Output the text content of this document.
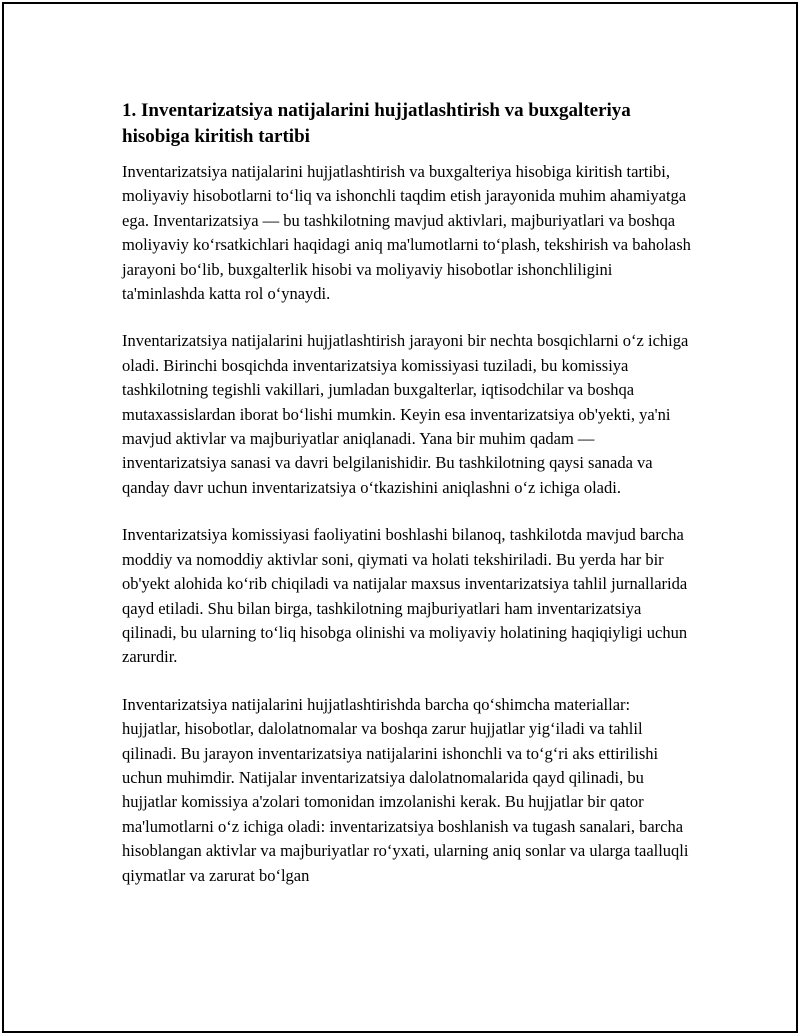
1. Inventarizatsiya natijalarini hujjatlashtirish va buxgalteriya hisobiga kiritish tartibi

Inventarizatsiya natijalarini hujjatlashtirish va buxgalteriya hisobiga kiritish tartibi, moliyaviy hisobotlarni to‘liq va ishonchli taqdim etish jarayonida muhim ahamiyatga ega. Inventarizatsiya — bu tashkilotning mavjud aktivlari, majburiyatlari va boshqa moliyaviy ko‘rsatkichlari haqidagi aniq ma'lumotlarni to‘plash, tekshirish va baholash jarayoni bo‘lib, buxgalterlik hisobi va moliyaviy hisobotlar ishonchliligini ta'minlashda katta rol o‘ynaydi.

Inventarizatsiya natijalarini hujjatlashtirish jarayoni bir nechta bosqichlarni o‘z ichiga oladi. Birinchi bosqichda inventarizatsiya komissiyasi tuziladi, bu komissiya tashkilotning tegishli vakillari, jumladan buxgalterlar, iqtisodchilar va boshqa mutaxassislardan iborat bo‘lishi mumkin. Keyin esa inventarizatsiya ob'yekti, ya'ni mavjud aktivlar va majburiyatlar aniqlanadi. Yana bir muhim qadam — inventarizatsiya sanasi va davri belgilanishidir. Bu tashkilotning qaysi sanada va qanday davr uchun inventarizatsiya o‘tkazishini aniqlashni o‘z ichiga oladi.

Inventarizatsiya komissiyasi faoliyatini boshlashi bilanoq, tashkilotda mavjud barcha moddiy va nomoddiy aktivlar soni, qiymati va holati tekshiriladi. Bu yerda har bir ob'yekt alohida ko‘rib chiqiladi va natijalar maxsus inventarizatsiya tahlil jurnallarida qayd etiladi. Shu bilan birga, tashkilotning majburiyatlari ham inventarizatsiya qilinadi, bu ularning to‘liq hisobga olinishi va moliyaviy holatining haqiqiyligi uchun zarurdir.

Inventarizatsiya natijalarini hujjatlashtirishda barcha qo‘shimcha materiallar: hujjatlar, hisobotlar, dalolatnomalar va boshqa zarur hujjatlar yig‘iladi va tahlil qilinadi. Bu jarayon inventarizatsiya natijalarini ishonchli va to‘g‘ri aks ettirilishi uchun muhimdir. Natijalar inventarizatsiya dalolatnomalarida qayd qilinadi, bu hujjatlar komissiya a'zolari tomonidan imzolanishi kerak. Bu hujjatlar bir qator ma'lumotlarni o‘z ichiga oladi: inventarizatsiya boshlanish va tugash sanalari, barcha hisoblangan aktivlar va majburiyatlar ro‘yxati, ularning aniq sonlar va ularga taalluqli qiymatlar va zarurat bo‘lgan
